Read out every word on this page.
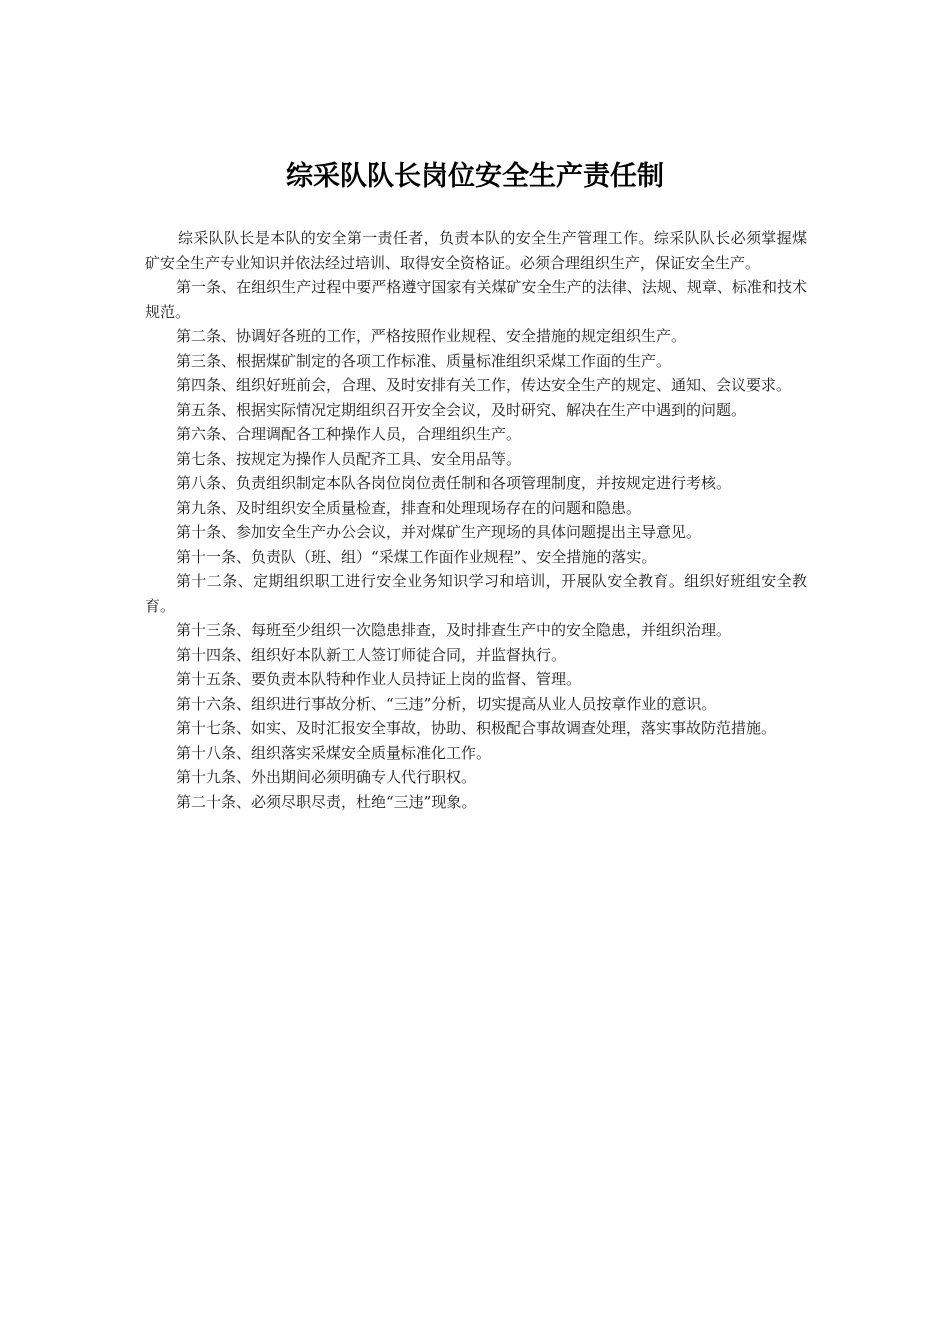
综采队队长岗位安全生产责任制

综采队队长是本队的安全第一责任者，负责本队的安全生产管理工作。综采队队长必须掌握煤矿安全生产专业知识并依法经过培训、取得安全资格证。必须合理组织生产，保证安全生产。

第一条、在组织生产过程中要严格遵守国家有关煤矿安全生产的法律、法规、规章、标准和技术规范。

第二条、协调好各班的工作，严格按照作业规程、安全措施的规定组织生产。

第三条、根据煤矿制定的各项工作标准、质量标准组织采煤工作面的生产。

第四条、组织好班前会，合理、及时安排有关工作，传达安全生产的规定、通知、会议要求。

第五条、根据实际情况定期组织召开安全会议，及时研究、解决在生产中遇到的问题。

第六条、合理调配各工种操作人员，合理组织生产。

第七条、按规定为操作人员配齐工具、安全用品等。

第八条、负责组织制定本队各岗位岗位责任制和各项管理制度，并按规定进行考核。

第九条、及时组织安全质量检查，排查和处理现场存在的问题和隐患。

第十条、参加安全生产办公会议，并对煤矿生产现场的具体问题提出主导意见。

第十一条、负责队（班、组）“采煤工作面作业规程”、安全措施的落实。

第十二条、定期组织职工进行安全业务知识学习和培训，开展队安全教育。组织好班组安全教育。

第十三条、每班至少组织一次隐患排查，及时排查生产中的安全隐患，并组织治理。

第十四条、组织好本队新工人签订师徒合同，并监督执行。

第十五条、要负责本队特种作业人员持证上岗的监督、管理。

第十六条、组织进行事故分析、“三违”分析，切实提高从业人员按章作业的意识。

第十七条、如实、及时汇报安全事故，协助、积极配合事故调查处理，落实事故防范措施。

第十八条、组织落实采煤安全质量标准化工作。

第十九条、外出期间必须明确专人代行职权。

第二十条、必须尽职尽责，杜绝“三违”现象。
